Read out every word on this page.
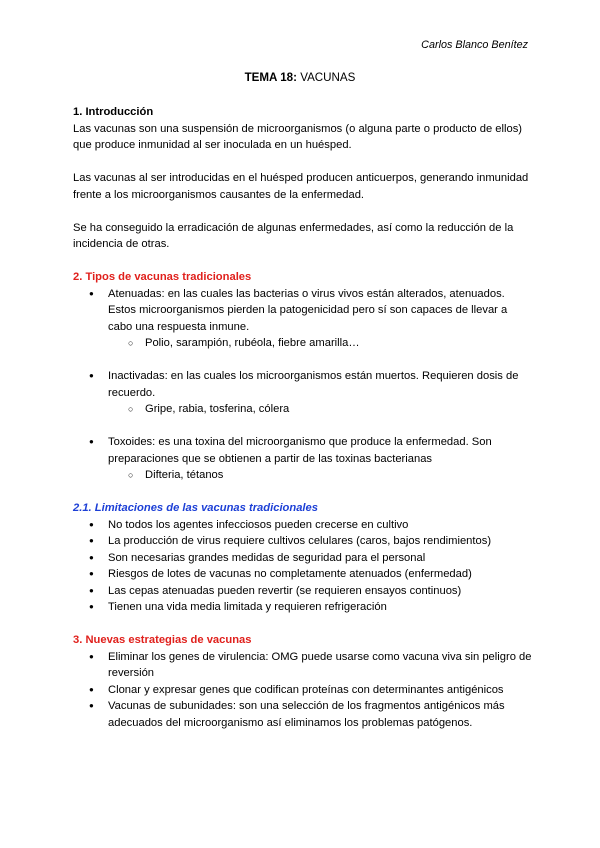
Carlos Blanco Benítez
TEMA 18: VACUNAS

1. Introducción

Las vacunas son una suspensión de microorganismos (o alguna parte o producto de ellos) que produce inmunidad al ser inoculada en un huésped.

Las vacunas al ser introducidas en el huésped producen anticuerpos, generando inmunidad frente a los microorganismos causantes de la enfermedad.

Se ha conseguido la erradicación de algunas enfermedades, así como la reducción de la incidencia de otras.

2. Tipos de vacunas tradicionales

● Atenuadas: en las cuales las bacterias o virus vivos están alterados, atenuados. Estos microorganismos pierden la patogenicidad pero sí son capaces de llevar a cabo una respuesta inmune.
○ Polio, sarampión, rubéola, fiebre amarilla…
● Inactivadas: en las cuales los microorganismos están muertos. Requieren dosis de recuerdo.
○ Gripe, rabia, tosferina, cólera
● Toxoides: es una toxina del microorganismo que produce la enfermedad. Son preparaciones que se obtienen a partir de las toxinas bacterianas
○ Difteria, tétanos

2.1. Limitaciones de las vacunas tradicionales

● No todos los agentes infecciosos pueden crecerse en cultivo
● La producción de virus requiere cultivos celulares (caros, bajos rendimientos)
● Son necesarias grandes medidas de seguridad para el personal
● Riesgos de lotes de vacunas no completamente atenuados (enfermedad)
● Las cepas atenuadas pueden revertir (se requieren ensayos continuos)
● Tienen una vida media limitada y requieren refrigeración

3. Nuevas estrategias de vacunas

● Eliminar los genes de virulencia: OMG puede usarse como vacuna viva sin peligro de reversión
● Clonar y expresar genes que codifican proteínas con determinantes antigénicos
● Vacunas de subunidades: son una selección de los fragmentos antigénicos más adecuados del microorganismo así eliminamos los problemas patógenos.
